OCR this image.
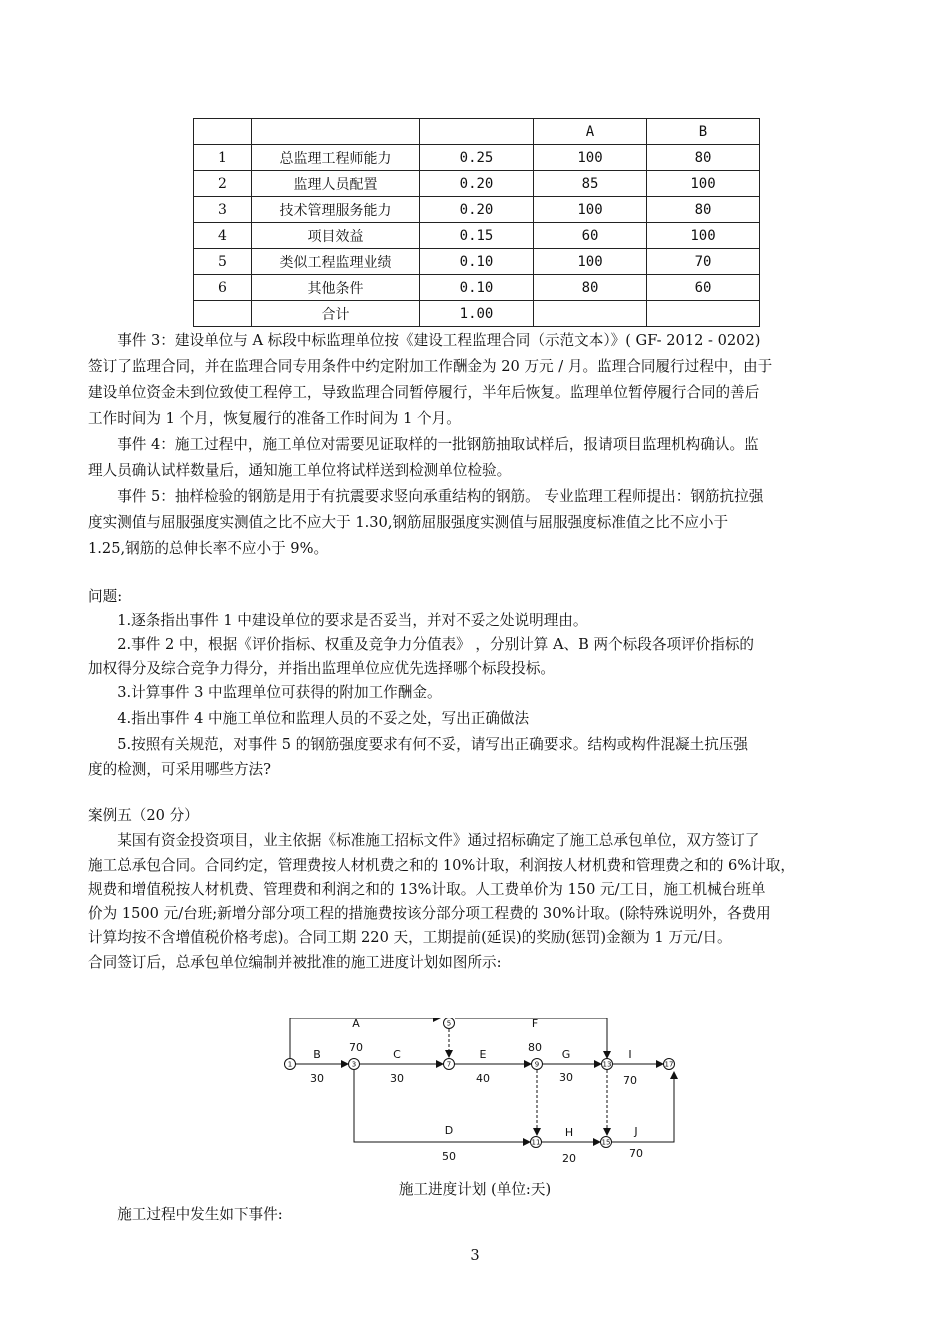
			A	B
1	总监理工程师能力	0.25	100	80
2	监理人员配置	0.20	85	100
3	技术管理服务能力	0.20	100	80
4	项目效益	0.15	60	100
5	类似工程监理业绩	0.10	100	70
6	其他条件	0.10	80	60
	合计	1.00		

事件 3：建设单位与 A 标段中标监理单位按《建设工程监理合同（示范文本）》( GF- 2012 - 0202)

签订了监理合同，并在监理合同专用条件中约定附加工作酬金为 20 万元 / 月。监理合同履行过程中，由于

建设单位资金未到位致使工程停工，导致监理合同暂停履行，半年后恢复。监理单位暂停履行合同的善后

工作时间为 1 个月，恢复履行的准备工作时间为 1 个月。

事件 4：施工过程中，施工单位对需要见证取样的一批钢筋抽取试样后，报请项目监理机构确认。监

理人员确认试样数量后，通知施工单位将试样送到检测单位检验。

事件 5：抽样检验的钢筋是用于有抗震要求竖向承重结构的钢筋。 专业监理工程师提出：钢筋抗拉强

度实测值与屈服强度实测值之比不应大于 1.30,钢筋屈服强度实测值与屈服强度标准值之比不应小于

1.25,钢筋的总伸长率不应小于 9%。

问题:

1.逐条指出事件 1 中建设单位的要求是否妥当，并对不妥之处说明理由。

2.事件 2 中，根据《评价指标、权重及竞争力分值表》 ，分别计算 A、B 两个标段各项评价指标的

加权得分及综合竞争力得分，并指出监理单位应优先选择哪个标段投标。

3.计算事件 3 中监理单位可获得的附加工作酬金。

4.指出事件 4 中施工单位和监理人员的不妥之处，写出正确做法

5.按照有关规范，对事件 5 的钢筋强度要求有何不妥，请写出正确要求。结构或构件混凝土抗压强

度的检测，可采用哪些方法?

案例五（20 分）

某国有资金投资项目，业主依据《标准施工招标文件》通过招标确定了施工总承包单位，双方签订了

施工总承包合同。合同约定，管理费按人材机费之和的 10%计取，利润按人材机费和管理费之和的 6%计取，

规费和增值税按人材机费、管理费和利润之和的 13%计取。人工费单价为 150 元/工日，施工机械台班单

价为 1500 元/台班;新增分部分项工程的措施费按该分部分项工程费的 30%计取。(除特殊说明外，各费用

计算均按不含增值税价格考虑)。合同工期 220 天，工期提前(延误)的奖励(惩罚)金额为 1 万元/日。

合同签订后，总承包单位编制并被批准的施工进度计划如图所示:

1	3
5
7	9
11
13
15
17
A
70
F
80
B
30
C
30
E
40
G
30
I
70
D
50
H
20
J
70
施工进度计划 (单位:天)

施工过程中发生如下事件:

3
